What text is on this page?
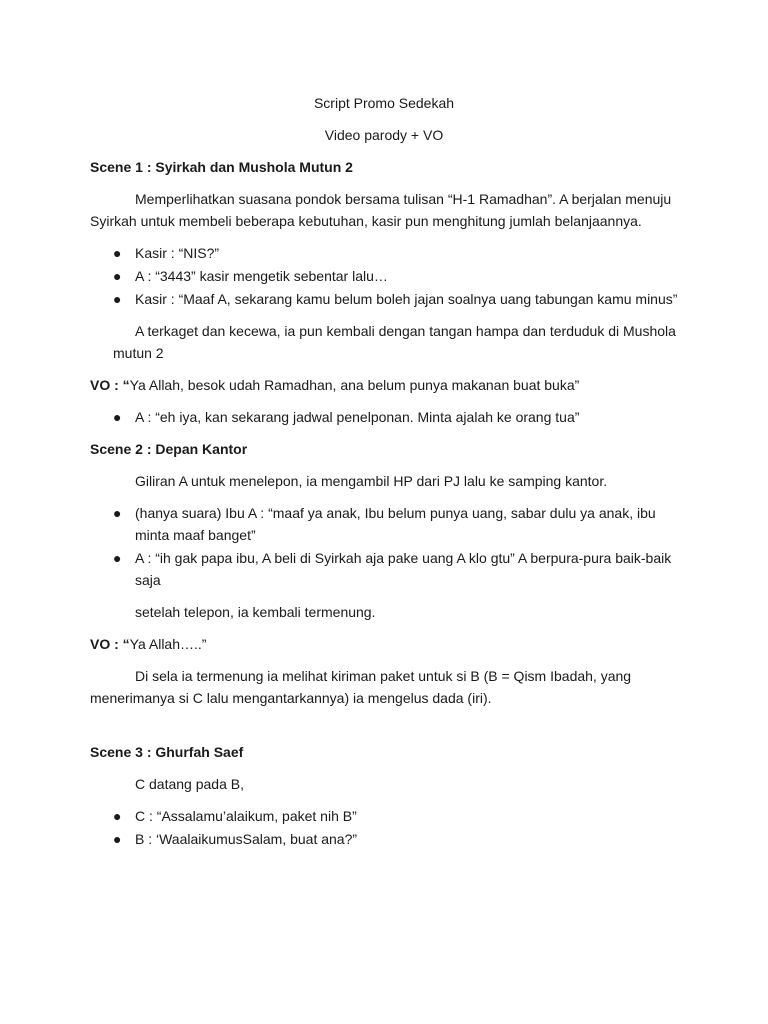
Script Promo Sedekah

Video parody + VO

Scene 1 : Syirkah dan Mushola Mutun 2

Memperlihatkan suasana pondok bersama tulisan “H-1 Ramadhan”. A berjalan menuju Syirkah untuk membeli beberapa kebutuhan, kasir pun menghitung jumlah belanjaannya.

● Kasir : “NIS?”
● A : “3443” kasir mengetik sebentar lalu…
● Kasir : “Maaf A, sekarang kamu belum boleh jajan soalnya uang tabungan kamu minus”

A terkaget dan kecewa, ia pun kembali dengan tangan hampa dan terduduk di Mushola mutun 2

VO : “Ya Allah, besok udah Ramadhan, ana belum punya makanan buat buka”

● A : “eh iya, kan sekarang jadwal penelponan. Minta ajalah ke orang tua”

Scene 2 : Depan Kantor

Giliran A untuk menelepon, ia mengambil HP dari PJ lalu ke samping kantor.

● (hanya suara) Ibu A : “maaf ya anak, Ibu belum punya uang, sabar dulu ya anak, ibu minta maaf banget”
● A : “ih gak papa ibu, A beli di Syirkah aja pake uang A klo gtu” A berpura-pura baik-baik saja

setelah telepon, ia kembali termenung.

VO : “Ya Allah…..”

Di sela ia termenung ia melihat kiriman paket untuk si B (B = Qism Ibadah, yang menerimanya si C lalu mengantarkannya) ia mengelus dada (iri).

Scene 3 : Ghurfah Saef

C datang pada B,

● C : “Assalamu’alaikum, paket nih B”
● B : ‘WaalaikumusSalam, buat ana?”
